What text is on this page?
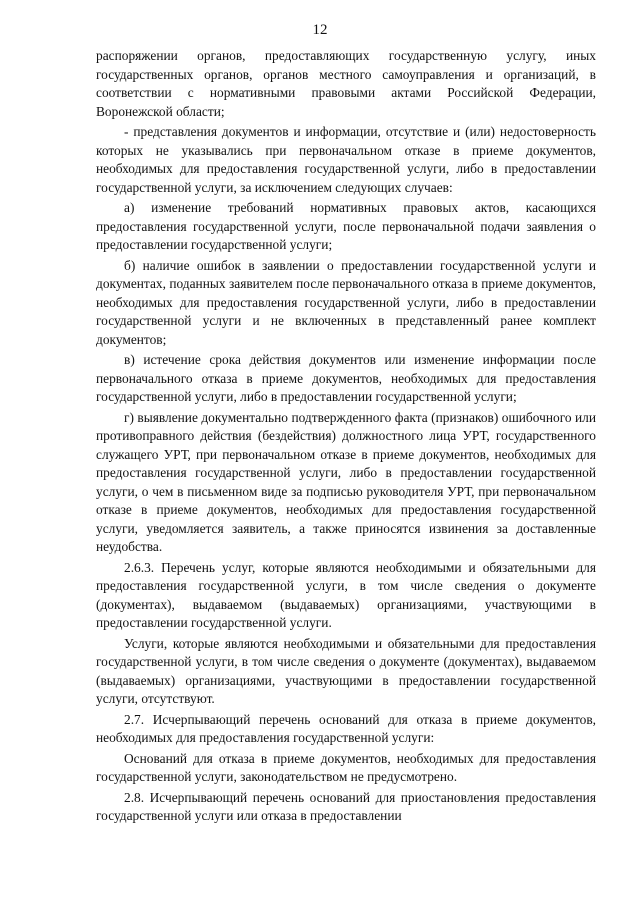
12

распоряжении органов, предоставляющих государственную услугу, иных государственных органов, органов местного самоуправления и организаций, в соответствии с нормативными правовыми актами Российской Федерации, Воронежской области;

- представления документов и информации, отсутствие и (или) недостоверность которых не указывались при первоначальном отказе в приеме документов, необходимых для предоставления государственной услуги, либо в предоставлении государственной услуги, за исключением следующих случаев:

а) изменение требований нормативных правовых актов, касающихся предоставления государственной услуги, после первоначальной подачи заявления о предоставлении государственной услуги;

б) наличие ошибок в заявлении о предоставлении государственной услуги и документах, поданных заявителем после первоначального отказа в приеме документов, необходимых для предоставления государственной услуги, либо в предоставлении государственной услуги и не включенных в представленный ранее комплект документов;

в) истечение срока действия документов или изменение информации после первоначального отказа в приеме документов, необходимых для предоставления государственной услуги, либо в предоставлении государственной услуги;

г) выявление документально подтвержденного факта (признаков) ошибочного или противоправного действия (бездействия) должностного лица УРТ, государственного служащего УРТ, при первоначальном отказе в приеме документов, необходимых для предоставления государственной услуги, либо в предоставлении государственной услуги, о чем в письменном виде за подписью руководителя УРТ, при первоначальном отказе в приеме документов, необходимых для предоставления государственной услуги, уведомляется заявитель, а также приносятся извинения за доставленные неудобства.

2.6.3. Перечень услуг, которые являются необходимыми и обязательными для предоставления государственной услуги, в том числе сведения о документе (документах), выдаваемом (выдаваемых) организациями, участвующими в предоставлении государственной услуги.

Услуги, которые являются необходимыми и обязательными для предоставления государственной услуги, в том числе сведения о документе (документах), выдаваемом (выдаваемых) организациями, участвующими в предоставлении государственной услуги, отсутствуют.

2.7. Исчерпывающий перечень оснований для отказа в приеме документов, необходимых для предоставления государственной услуги:

Оснований для отказа в приеме документов, необходимых для предоставления государственной услуги, законодательством не предусмотрено.

2.8. Исчерпывающий перечень оснований для приостановления предоставления государственной услуги или отказа в предоставлении
